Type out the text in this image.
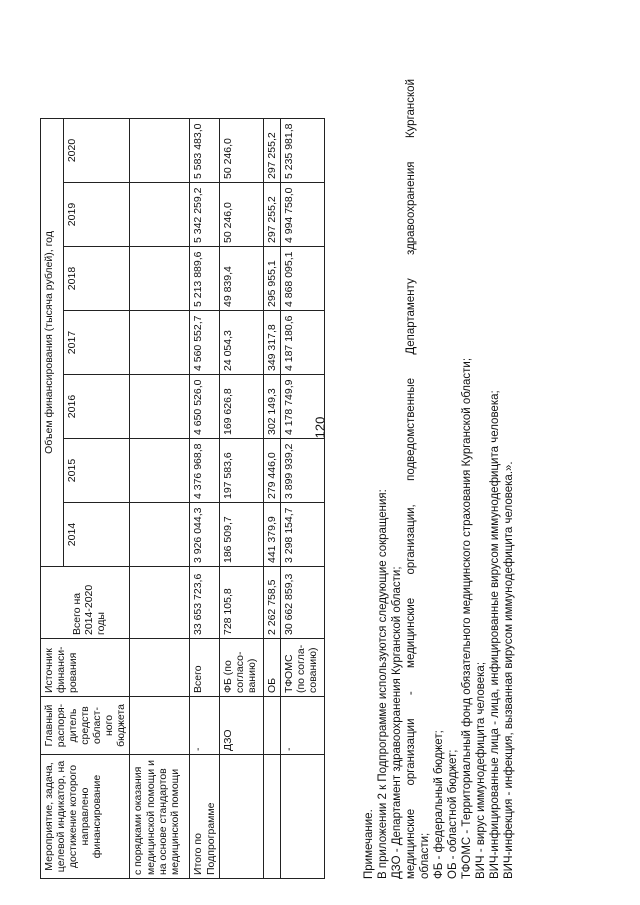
120
Мероприятие, задача, целевой индикатор, на достижение которого направлено финансирование	Главный распоря-дитель средств област-ного бюджета	Источник финанси-рования	Всего на 2014-2020 годы	Объем финансирования (тысяча рублей), год						
				2014	2015	2016	2017	2018	2019	2020
с порядками оказания медицинской помощи и на основе стандартов медицинской помощи										
Итого по Подпрограмме	-	Всего	33 653 723,6	3 926 044,3	4 376 968,8	4 650 526,0	4 560 552,7	5 213 889,6	5 342 259,2	5 583 483,0
	ДЗО	ФБ (по согласо-ванию)	728 105,8	186 509,7	197 583,6	169 626,8	24 054,3	49 839,4	50 246,0	50 246,0
		ОБ	2 262 758,5	441 379,9	279 446,0	302 149,3	349 317,8	295 955,1	297 255,2	297 255,2
	-	ТФОМС (по согла-сованию)	30 662 859,3	3 298 154,7	3 899 939,2	4 178 749,9	4 187 180,6	4 868 095,1	4 994 758,0	5 235 981,8
Примечание. В приложении 2 к Подпрограмме используются следующие сокращения: ДЗО - Департамент здравоохранения Курганской области; медицинские организации - медицинские организации, подведомственные Департаменту здравоохранения Курганской области; ФБ - федеральный бюджет; ОБ - областной бюджет; ТФОМС - Территориальный фонд обязательного медицинского страхования Курганской области; ВИЧ - вирус иммунодефицита человека; ВИЧ-инфицированные лица - лица, инфицированные вирусом иммунодефицита человека; ВИЧ-инфекция - инфекция, вызванная вирусом иммунодефицита человека.».
